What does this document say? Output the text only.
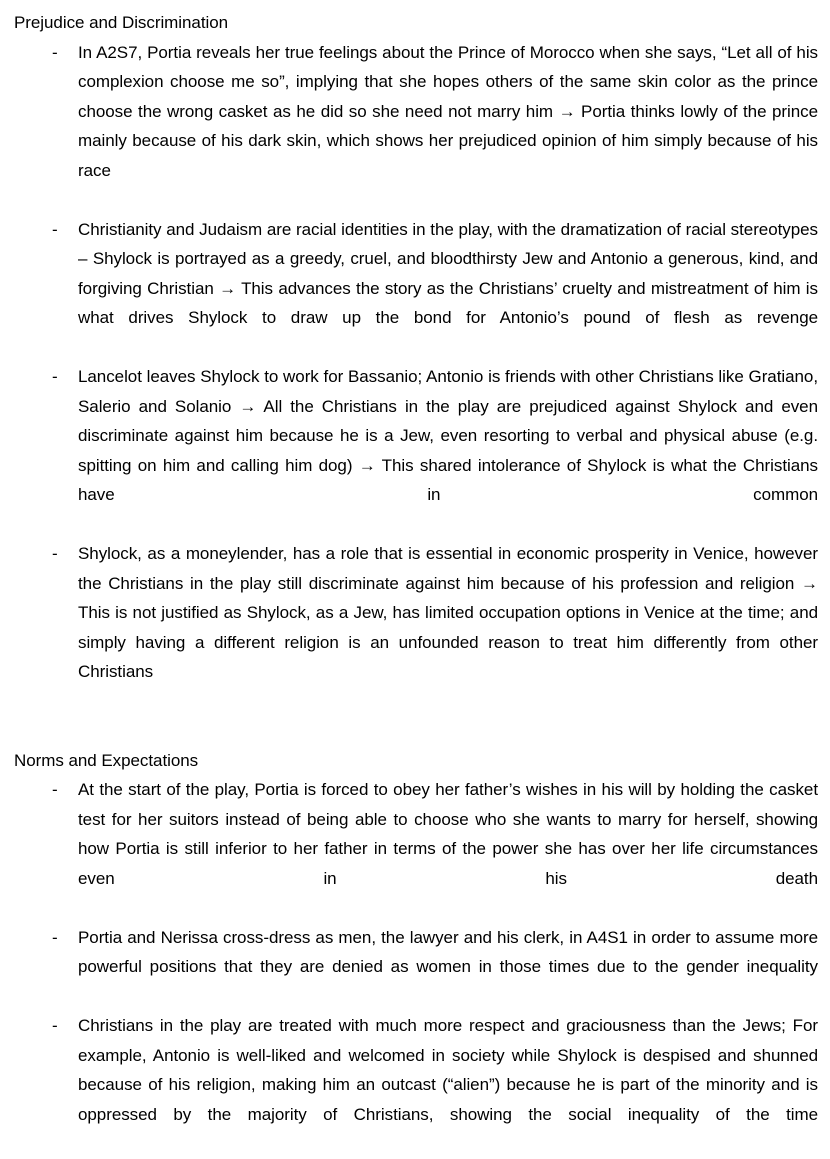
Prejudice and Discrimination
-	In A2S7, Portia reveals her true feelings about the Prince of Morocco when she says, “Let all of his complexion choose me so”, implying that she hopes others of the same skin color as the prince choose the wrong casket as he did so she need not marry him → Portia thinks lowly of the prince mainly because of his dark skin, which shows her prejudiced opinion of him simply because of his race
-	Christianity and Judaism are racial identities in the play, with the dramatization of racial stereotypes – Shylock is portrayed as a greedy, cruel, and bloodthirsty Jew and Antonio a generous, kind, and forgiving Christian → This advances the story as the Christians’ cruelty and mistreatment of him is what drives Shylock to draw up the bond for Antonio’s pound of flesh as revenge
-	Lancelot leaves Shylock to work for Bassanio; Antonio is friends with other Christians like Gratiano, Salerio and Solanio → All the Christians in the play are prejudiced against Shylock and even discriminate against him because he is a Jew, even resorting to verbal and physical abuse (e.g. spitting on him and calling him dog) → This shared intolerance of Shylock is what the Christians have in common
-	Shylock, as a moneylender, has a role that is essential in economic prosperity in Venice, however the Christians in the play still discriminate against him because of his profession and religion → This is not justified as Shylock, as a Jew, has limited occupation options in Venice at the time; and simply having a different religion is an unfounded reason to treat him differently from other Christians
Norms and Expectations
-	At the start of the play, Portia is forced to obey her father’s wishes in his will by holding the casket test for her suitors instead of being able to choose who she wants to marry for herself, showing how Portia is still inferior to her father in terms of the power she has over her life circumstances even in his death
-	Portia and Nerissa cross-dress as men, the lawyer and his clerk, in A4S1 in order to assume more powerful positions that they are denied as women in those times due to the gender inequality
-	Christians in the play are treated with much more respect and graciousness than the Jews; For example, Antonio is well-liked and welcomed in society while Shylock is despised and shunned because of his religion, making him an outcast (“alien”) because he is part of the minority and is oppressed by the majority of Christians, showing the social inequality of the time
